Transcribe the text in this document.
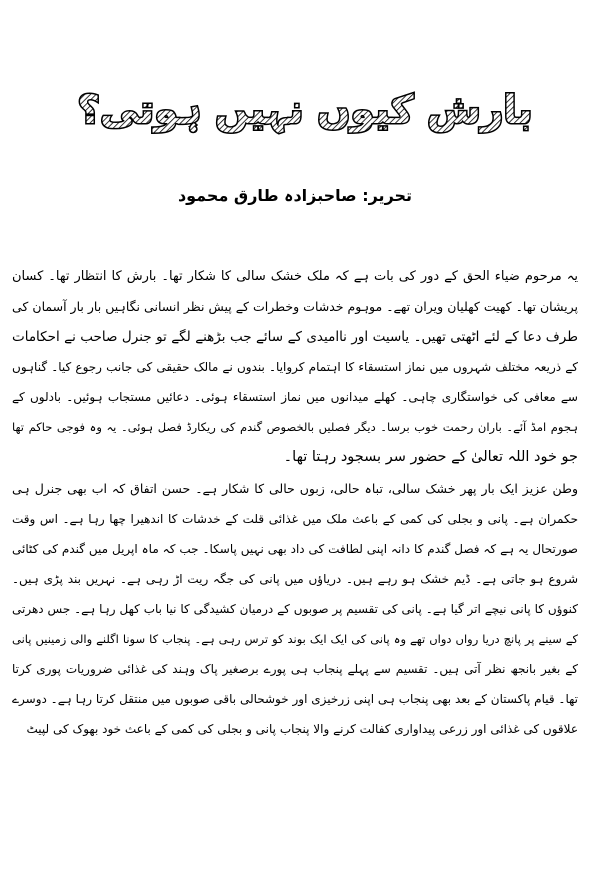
بارش کیوں نہیں ہوتی؟
تحریر: صاحبزادہ طارق محمود
یہ مرحوم ضیاء الحق کے دور کی بات ہے کہ ملک خشک سالی کا شکار تھا۔ بارش کا انتظار تھا۔ کسان
پریشان تھا۔ کھیت کھلیان ویران تھے۔ موہوم خدشات وخطرات کے پیش نظر انسانی نگاہیں بار بار آسمان کی
طرف دعا کے لئے اٹھتی تھیں۔ یاسیت اور ناامیدی کے سائے جب بڑھنے لگے تو جنرل صاحب نے احکامات
کے ذریعہ مختلف شہروں میں نماز استسقاء کا اہتمام کروایا۔ بندوں نے مالک حقیقی کی جانب رجوع کیا۔ گناہوں
سے معافی کی خواستگاری چاہی۔ کھلے میدانوں میں نماز استسقاء ہوئی۔ دعائیں مستجاب ہوئیں۔ بادلوں کے
ہجوم امڈ آئے۔ باران رحمت خوب برسا۔ دیگر فصلیں بالخصوص گندم کی ریکارڈ فصل ہوئی۔ یہ وہ فوجی حاکم تھا
جو خود اللہ تعالیٰ کے حضور سر بسجود رہتا تھا۔
وطن عزیز ایک بار پھر خشک سالی، تباہ حالی، زبوں حالی کا شکار ہے۔ حسن اتفاق کہ اب بھی جنرل ہی
حکمران ہے۔ پانی و بجلی کی کمی کے باعث ملک میں غذائی قلت کے خدشات کا اندھیرا چھا رہا ہے۔ اس وقت
صورتحال یہ ہے کہ فصل گندم کا دانہ اپنی لطافت کی داد بھی نہیں پاسکا۔ جب کہ ماہ اپریل میں گندم کی کٹائی
شروع ہو جاتی ہے۔ ڈیم خشک ہو رہے ہیں۔ دریاؤں میں پانی کی جگہ ریت اڑ رہی ہے۔ نہریں بند پڑی ہیں۔
کنوؤں کا پانی نیچے اتر گیا ہے۔ پانی کی تقسیم پر صوبوں کے درمیان کشیدگی کا نیا باب کھل رہا ہے۔ جس دھرتی
کے سینے پر پانچ دریا رواں دواں تھے وہ پانی کی ایک ایک بوند کو ترس رہی ہے۔ پنجاب کا سونا اگلنے والی زمینیں پانی
کے بغیر بانجھ نظر آتی ہیں۔ تقسیم سے پہلے پنجاب ہی پورے برصغیر پاک وہند کی غذائی ضروریات پوری کرتا
تھا۔ قیام پاکستان کے بعد بھی پنجاب ہی اپنی زرخیزی اور خوشحالی باقی صوبوں میں منتقل کرتا رہا ہے۔ دوسرے
علاقوں کی غذائی اور زرعی پیداواری کفالت کرنے والا پنجاب پانی و بجلی کی کمی کے باعث خود بھوک کی لپیٹ
